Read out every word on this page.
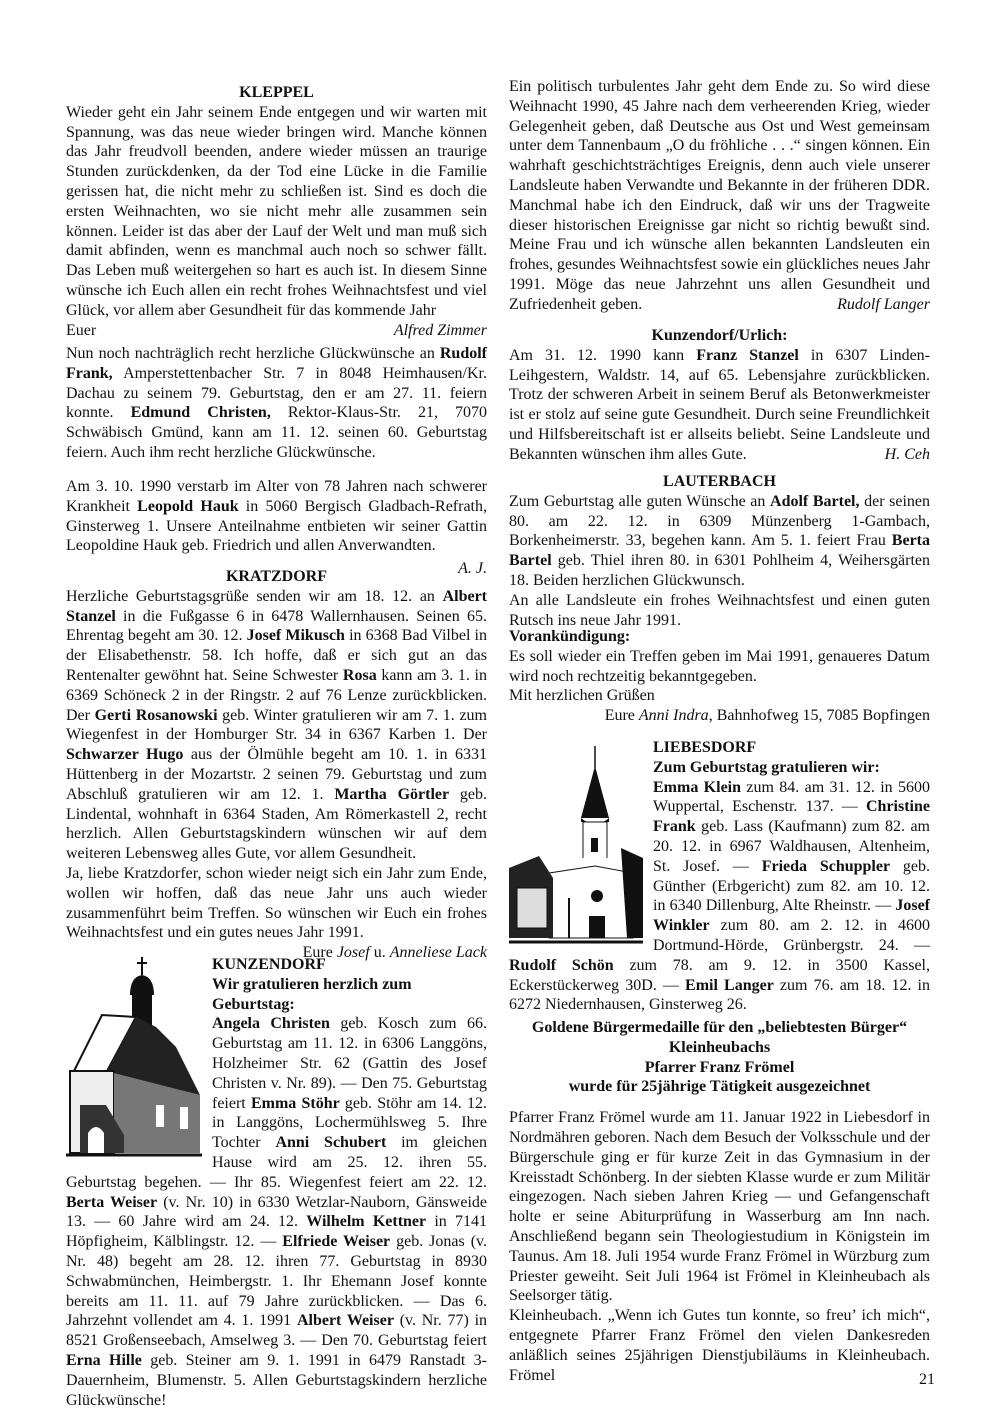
KLEPPEL

Wieder geht ein Jahr seinem Ende entgegen und wir warten mit Spannung, was das neue wieder bringen wird. Manche können das Jahr freudvoll beenden, andere wieder müssen an traurige Stunden zurückdenken, da der Tod eine Lücke in die Familie gerissen hat, die nicht mehr zu schließen ist. Sind es doch die ersten Weihnachten, wo sie nicht mehr alle zusammen sein können. Leider ist das aber der Lauf der Welt und man muß sich damit abfinden, wenn es manchmal auch noch so schwer fällt. Das Leben muß weitergehen so hart es auch ist. In diesem Sinne wünsche ich Euch allen ein recht frohes Weihnachtsfest und viel Glück, vor allem aber Gesundheit für das kommende Jahr

Euer	Alfred Zimmer

Nun noch nachträglich recht herzliche Glückwünsche an Rudolf Frank, Amperstettenbacher Str. 7 in 8048 Heimhausen/Kr. Dachau zu seinem 79. Geburtstag, den er am 27. 11. feiern konnte. Edmund Christen, Rektor-Klaus-Str. 21, 7070 Schwäbisch Gmünd, kann am 11. 12. seinen 60. Geburtstag feiern. Auch ihm recht herzliche Glückwünsche.

Am 3. 10. 1990 verstarb im Alter von 78 Jahren nach schwerer Krankheit Leopold Hauk in 5060 Bergisch Gladbach-Refrath, Ginsterweg 1. Unsere Anteilnahme entbieten wir seiner Gattin Leopoldine Hauk geb. Friedrich und allen Anverwandten.

A. J.
KRATZDORF

Herzliche Geburtstagsgrüße senden wir am 18. 12. an Albert Stanzel in die Fußgasse 6 in 6478 Wallernhausen. Seinen 65. Ehrentag begeht am 30. 12. Josef Mikusch in 6368 Bad Vilbel in der Elisabethenstr. 58. Ich hoffe, daß er sich gut an das Rentenalter gewöhnt hat. Seine Schwester Rosa kann am 3. 1. in 6369 Schöneck 2 in der Ringstr. 2 auf 76 Lenze zurückblicken. Der Gerti Rosanowski geb. Winter gratulieren wir am 7. 1. zum Wiegenfest in der Homburger Str. 34 in 6367 Karben 1. Der Schwarzer Hugo aus der Ölmühle begeht am 10. 1. in 6331 Hüttenberg in der Mozartstr. 2 seinen 79. Geburtstag und zum Abschluß gratulieren wir am 12. 1. Martha Görtler geb. Lindental, wohnhaft in 6364 Staden, Am Römerkastell 2, recht herzlich. Allen Geburtstagskindern wünschen wir auf dem weiteren Lebensweg alles Gute, vor allem Gesundheit.

Ja, liebe Kratzdorfer, schon wieder neigt sich ein Jahr zum Ende, wollen wir hoffen, daß das neue Jahr uns auch wieder zusammenführt beim Treffen. So wünschen wir Euch ein frohes Weihnachtsfest und ein gutes neues Jahr 1991.

Eure Josef u. Anneliese Lack
KUNZENDORF
Wir gratulieren herzlich zum Geburtstag:

Angela Christen geb. Kosch zum 66. Geburtstag am 11. 12. in 6306 Langgöns, Holzheimer Str. 62 (Gattin des Josef Christen v. Nr. 89). — Den 75. Geburtstag feiert Emma Stöhr geb. Stöhr am 14. 12. in Langgöns, Lochermühlsweg 5. Ihre Tochter Anni Schubert im gleichen Hause wird am 25. 12. ihren 55. Geburtstag begehen. — Ihr 85. Wiegenfest feiert am 22. 12. Berta Weiser (v. Nr. 10) in 6330 Wetzlar-Nauborn, Gänsweide 13. — 60 Jahre wird am 24. 12. Wilhelm Kettner in 7141 Höpfigheim, Kälblingstr. 12. — Elfriede Weiser geb. Jonas (v. Nr. 48) begeht am 28. 12. ihren 77. Geburtstag in 8930 Schwabmünchen, Heimbergstr. 1. Ihr Ehemann Josef konnte bereits am 11. 11. auf 79 Jahre zurückblicken. — Das 6. Jahrzehnt vollendet am 4. 1. 1991 Albert Weiser (v. Nr. 77) in 8521 Großenseebach, Amselweg 3. — Den 70. Geburtstag feiert Erna Hille geb. Steiner am 9. 1. 1991 in 6479 Ranstadt 3-Dauernheim, Blumenstr. 5. Allen Geburtstagskindern herzliche Glückwünsche!

Ein politisch turbulentes Jahr geht dem Ende zu. So wird diese Weihnacht 1990, 45 Jahre nach dem verheerenden Krieg, wieder Gelegenheit geben, daß Deutsche aus Ost und West gemeinsam unter dem Tannenbaum „O du fröhliche . . .“ singen können. Ein wahrhaft geschichtsträchtiges Ereignis, denn auch viele unserer Landsleute haben Verwandte und Bekannte in der früheren DDR. Manchmal habe ich den Eindruck, daß wir uns der Tragweite dieser historischen Ereignisse gar nicht so richtig bewußt sind. Meine Frau und ich wünsche allen bekannten Landsleuten ein frohes, gesundes Weihnachtsfest sowie ein glückliches neues Jahr 1991. Möge das neue Jahrzehnt uns allen Gesundheit und Zufriedenheit geben.	Rudolf Langer

Kunzendorf/Urlich:

Am 31. 12. 1990 kann Franz Stanzel in 6307 Linden-Leihgestern, Waldstr. 14, auf 65. Lebensjahre zurückblicken. Trotz der schweren Arbeit in seinem Beruf als Betonwerkmeister ist er stolz auf seine gute Gesundheit. Durch seine Freundlichkeit und Hilfsbereitschaft ist er allseits beliebt. Seine Landsleute und Bekannten wünschen ihm alles Gute.	H. Ceh

LAUTERBACH

Zum Geburtstag alle guten Wünsche an Adolf Bartel, der seinen 80. am 22. 12. in 6309 Münzenberg 1-Gambach, Borkenheimerstr. 33, begehen kann. Am 5. 1. feiert Frau Berta Bartel geb. Thiel ihren 80. in 6301 Pohlheim 4, Weihersgärten 18. Beiden herzlichen Glückwunsch.

An alle Landsleute ein frohes Weihnachtsfest und einen guten Rutsch ins neue Jahr 1991.

Vorankündigung:

Es soll wieder ein Treffen geben im Mai 1991, genaueres Datum wird noch rechtzeitig bekanntgegeben.

Mit herzlichen Grüßen
Eure Anni Indra, Bahnhofweg 15, 7085 Bopfingen
LIEBESDORF
Zum Geburtstag gratulieren wir:

Emma Klein zum 84. am 31. 12. in 5600 Wuppertal, Eschenstr. 137. — Christine Frank geb. Lass (Kaufmann) zum 82. am 20. 12. in 6967 Waldhausen, Altenheim, St. Josef. — Frieda Schuppler geb. Günther (Erbgericht) zum 82. am 10. 12. in 6340 Dillenburg, Alte Rheinstr. — Josef Winkler zum 80. am 2. 12. in 4600 Dortmund-Hörde, Grünbergstr. 24. — Rudolf Schön zum 78. am 9. 12. in 3500 Kassel, Eckerstückerweg 30D. — Emil Langer zum 76. am 18. 12. in 6272 Niedernhausen, Ginsterweg 26.

Goldene Bürgermedaille für den „beliebtesten Bürger“
Kleinheubachs
Pfarrer Franz Frömel
wurde für 25jährige Tätigkeit ausgezeichnet

Pfarrer Franz Frömel wurde am 11. Januar 1922 in Liebesdorf in Nordmähren geboren. Nach dem Besuch der Volksschule und der Bürgerschule ging er für kurze Zeit in das Gymnasium in der Kreisstadt Schönberg. In der siebten Klasse wurde er zum Militär eingezogen. Nach sieben Jahren Krieg — und Gefangenschaft holte er seine Abiturprüfung in Wasserburg am Inn nach. Anschließend begann sein Theologiestudium in Königstein im Taunus. Am 18. Juli 1954 wurde Franz Frömel in Würzburg zum Priester geweiht. Seit Juli 1964 ist Frömel in Kleinheubach als Seelsorger tätig.

Kleinheubach. „Wenn ich Gutes tun konnte, so freu’ ich mich“, entgegnete Pfarrer Franz Frömel den vielen Dankesreden anläßlich seines 25jährigen Dienstjubiläums in Kleinheubach. Frömel	21
